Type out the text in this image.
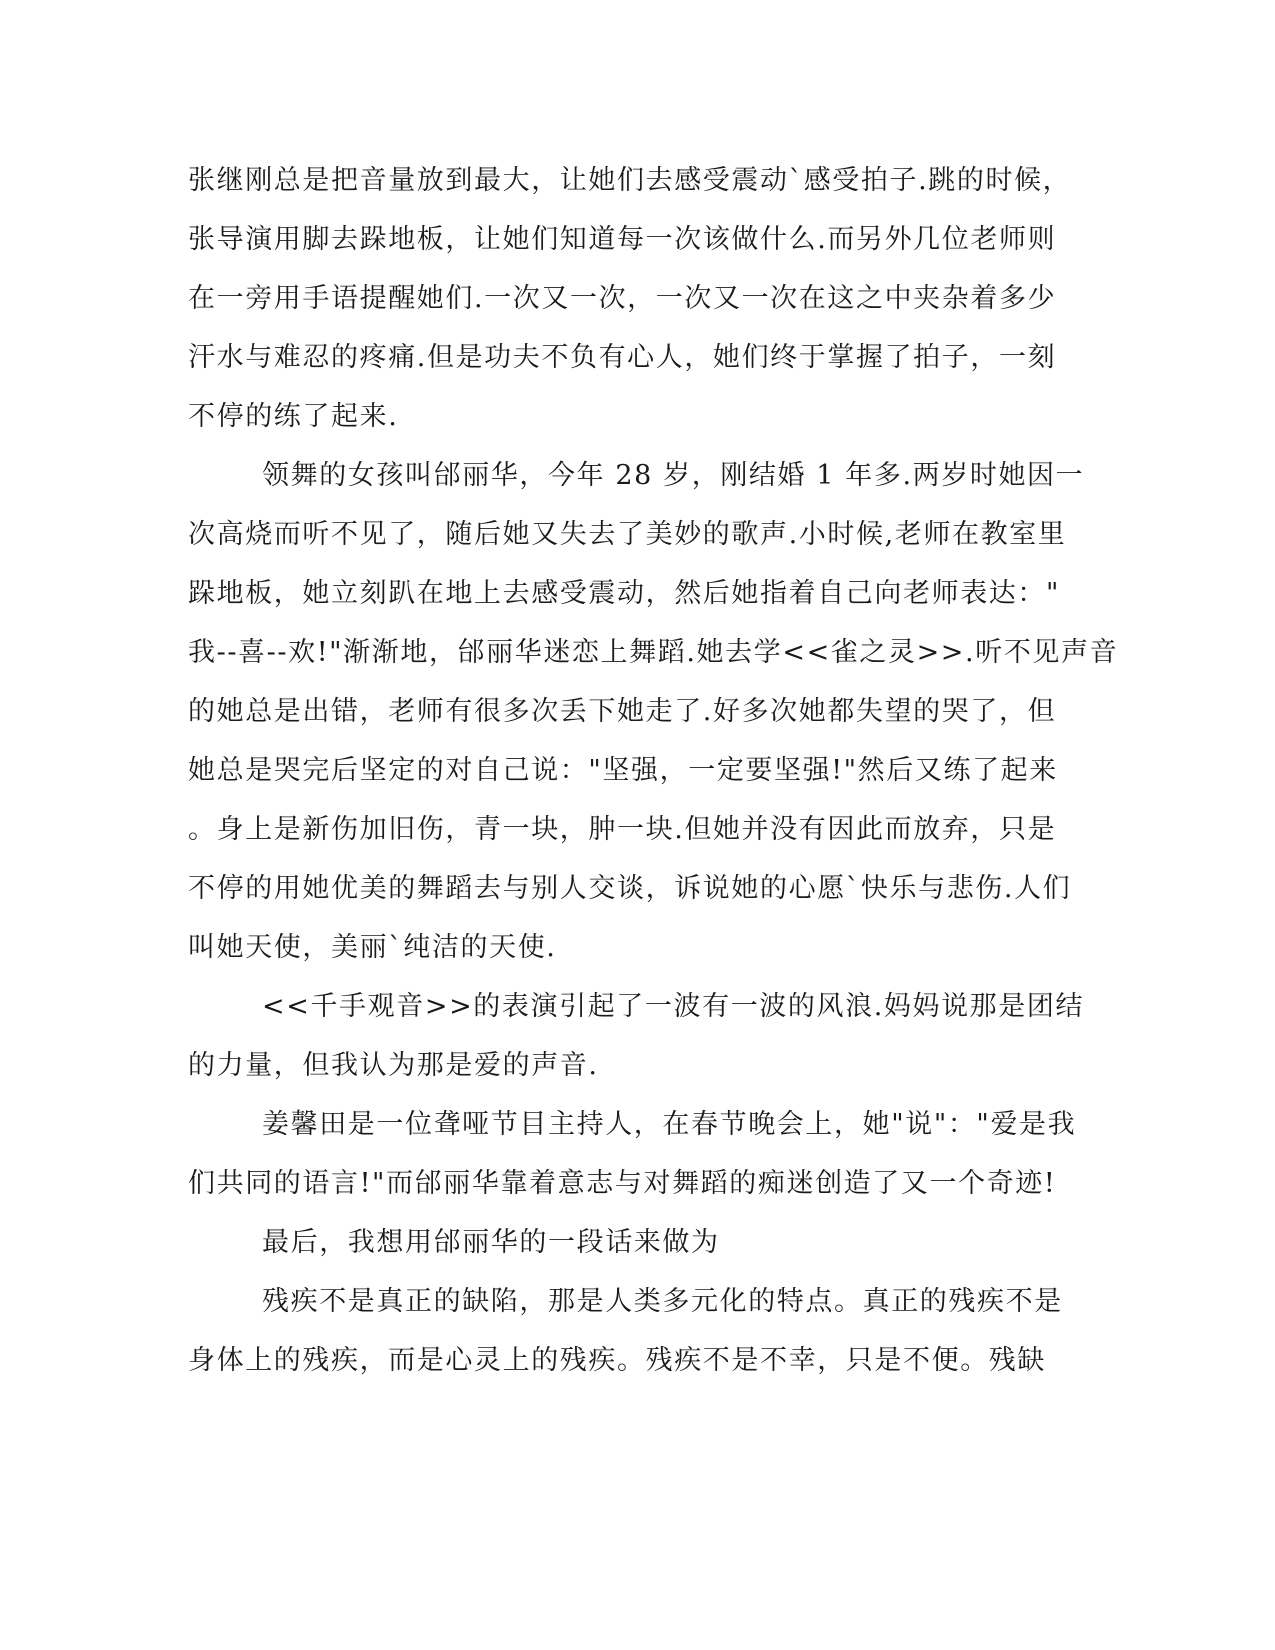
张继刚总是把音量放到最大，让她们去感受震动`感受拍子.跳的时候，
张导演用脚去跺地板，让她们知道每一次该做什么.而另外几位老师则
在一旁用手语提醒她们.一次又一次，一次又一次在这之中夹杂着多少
汗水与难忍的疼痛.但是功夫不负有心人，她们终于掌握了拍子，一刻
不停的练了起来.
领舞的女孩叫邰丽华，今年 28 岁，刚结婚 1 年多.两岁时她因一
次高烧而听不见了，随后她又失去了美妙的歌声.小时候,老师在教室里
跺地板，她立刻趴在地上去感受震动，然后她指着自己向老师表达："
我--喜--欢!"渐渐地，邰丽华迷恋上舞蹈.她去学<<雀之灵>>.听不见声音
的她总是出错，老师有很多次丢下她走了.好多次她都失望的哭了，但
她总是哭完后坚定的对自己说："坚强，一定要坚强!"然后又练了起来
。身上是新伤加旧伤，青一块，肿一块.但她并没有因此而放弃，只是
不停的用她优美的舞蹈去与别人交谈，诉说她的心愿`快乐与悲伤.人们
叫她天使，美丽`纯洁的天使.
<<千手观音>>的表演引起了一波有一波的风浪.妈妈说那是团结
的力量，但我认为那是爱的声音.
姜馨田是一位聋哑节目主持人，在春节晚会上，她"说"："爱是我
们共同的语言!"而邰丽华靠着意志与对舞蹈的痴迷创造了又一个奇迹!
最后，我想用邰丽华的一段话来做为
残疾不是真正的缺陷，那是人类多元化的特点。真正的残疾不是
身体上的残疾，而是心灵上的残疾。残疾不是不幸，只是不便。残缺
